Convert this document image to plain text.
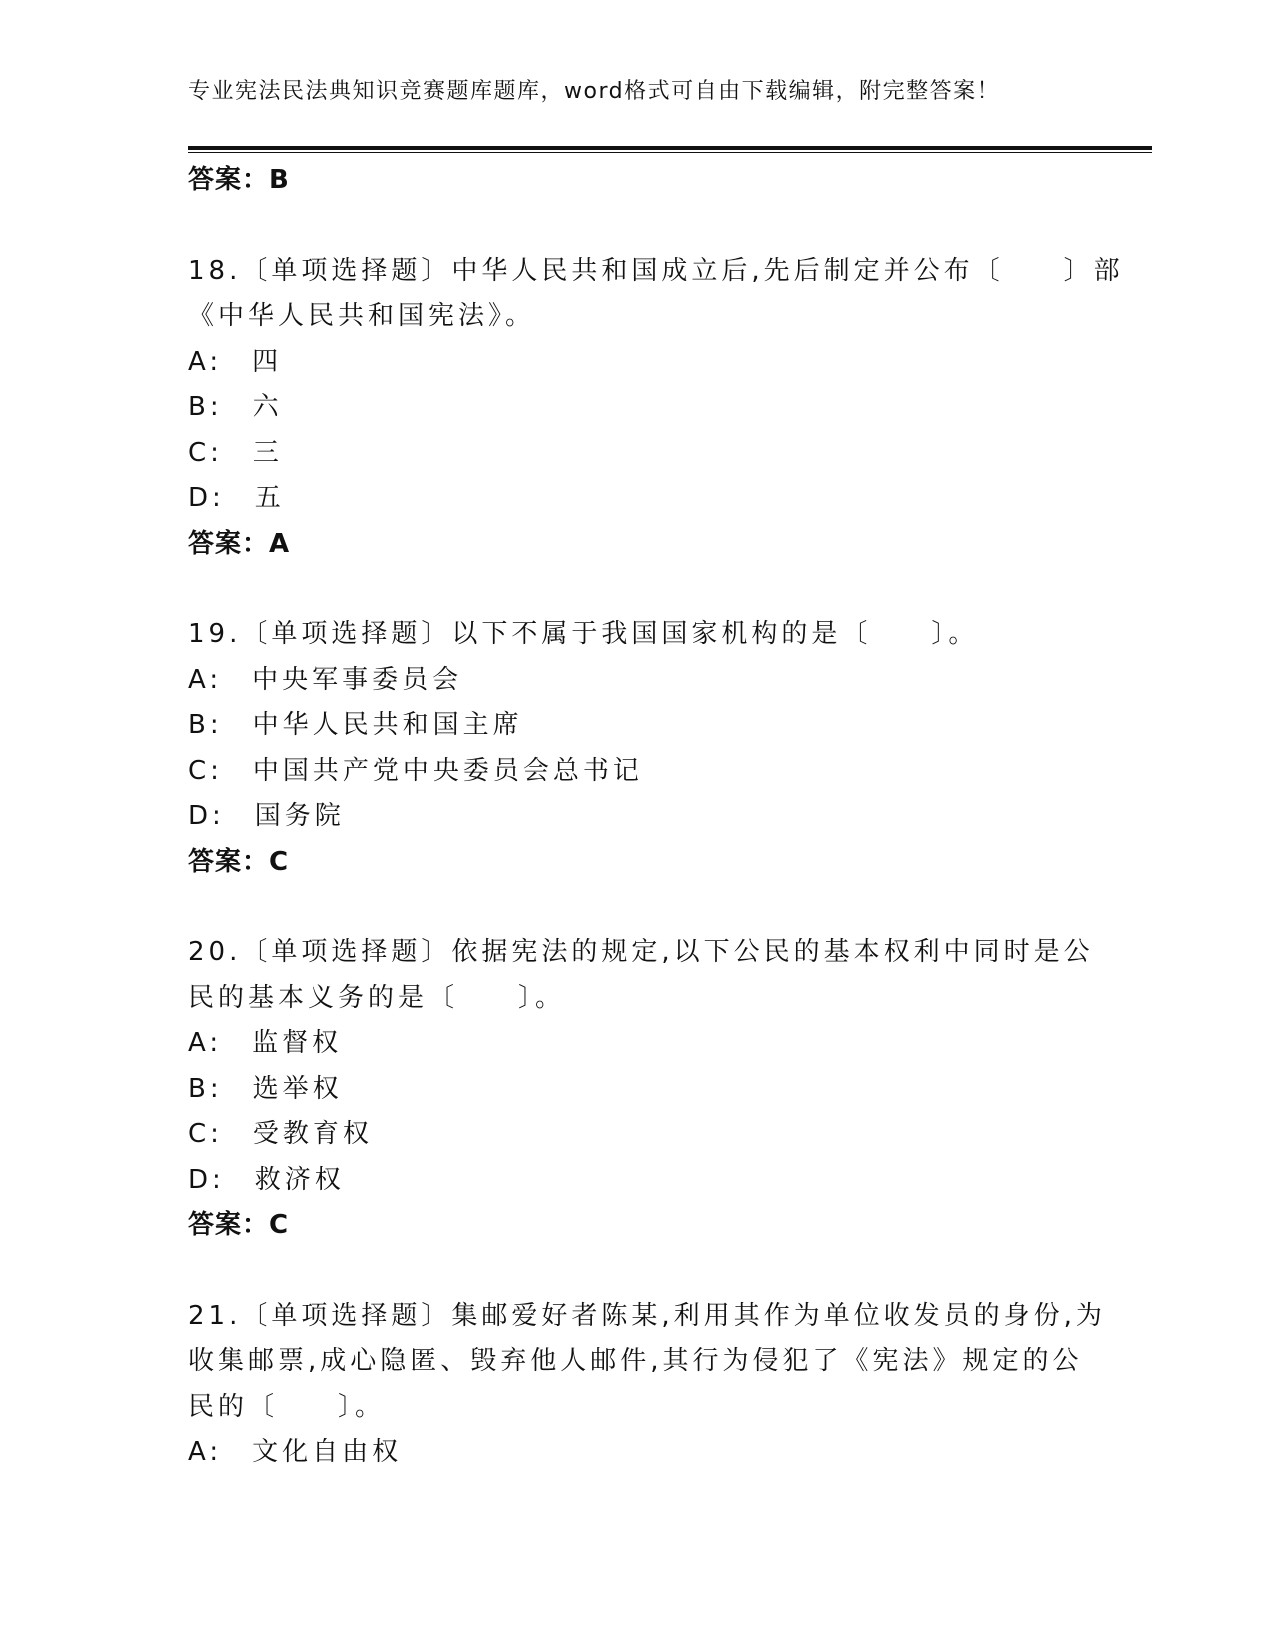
专业宪法民法典知识竞赛题库题库，word格式可自由下载编辑，附完整答案！
答案：B
18.〔单项选择题〕中华人民共和国成立后,先后制定并公布〔　　〕部
《中华人民共和国宪法》。
A:　四
B:　六
C:　三
D:　五
答案：A
19.〔单项选择题〕以下不属于我国国家机构的是〔　　〕。
A:　中央军事委员会
B:　中华人民共和国主席
C:　中国共产党中央委员会总书记
D:　国务院
答案：C
20.〔单项选择题〕依据宪法的规定,以下公民的基本权利中同时是公
民的基本义务的是〔　　〕。
A:　监督权
B:　选举权
C:　受教育权
D:　救济权
答案：C
21.〔单项选择题〕集邮爱好者陈某,利用其作为单位收发员的身份,为
收集邮票,成心隐匿、毁弃他人邮件,其行为侵犯了《宪法》规定的公
民的〔　　〕。
A:　文化自由权
